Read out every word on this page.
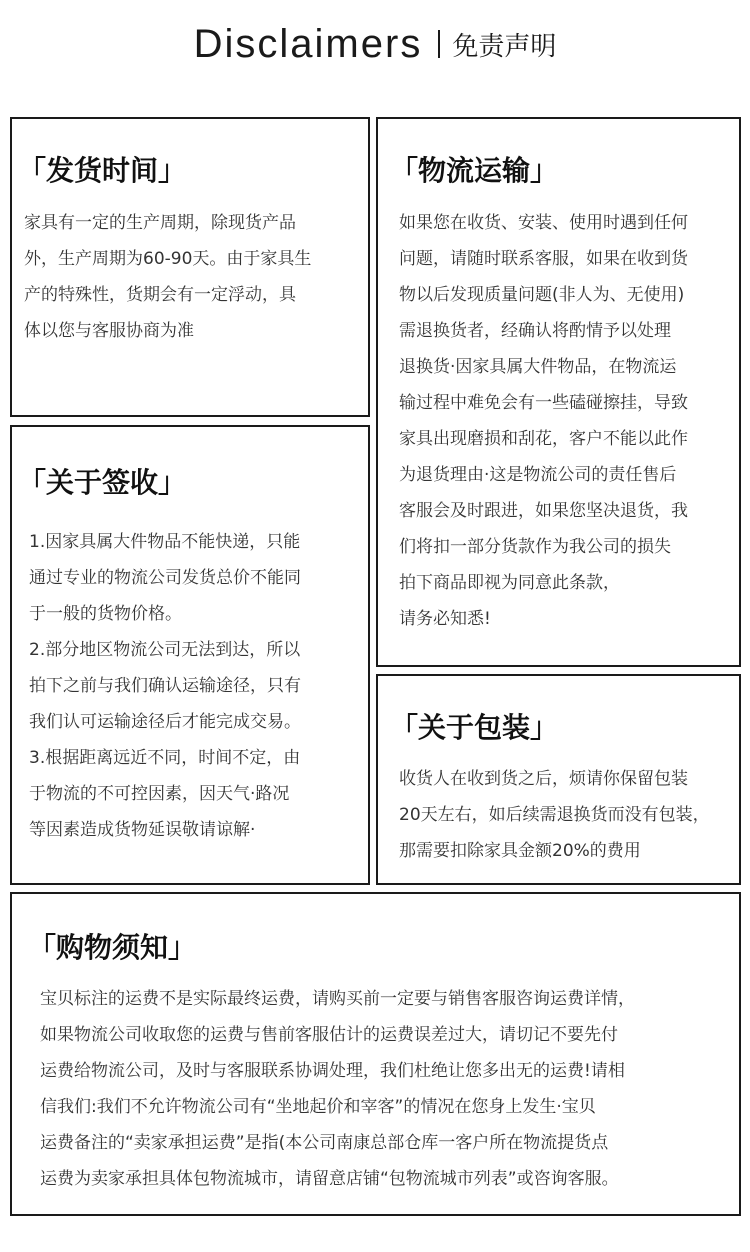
Disclaimers 免责声明
「发货时间」

家具有一定的生产周期，除现货产品
外，生产周期为60-90天。由于家具生
产的特殊性，货期会有一定浮动，具
体以您与客服协商为准

「关于签收」

1.因家具属大件物品不能快递，只能
通过专业的物流公司发货总价不能同
于一般的货物价格。
2.部分地区物流公司无法到达，所以
拍下之前与我们确认运输途径，只有
我们认可运输途径后才能完成交易。
3.根据距离远近不同，时间不定，由
于物流的不可控因素，因天气·路况
等因素造成货物延误敬请谅解·

「物流运输」

如果您在收货、安装、使用时遇到任何
问题，请随时联系客服，如果在收到货
物以后发现质量问题(非人为、无使用)
需退换货者，经确认将酌情予以处理
退换货·因家具属大件物品，在物流运
输过程中难免会有一些磕碰擦挂，导致
家具出现磨损和刮花，客户不能以此作
为退货理由·这是物流公司的责任售后
客服会及时跟进，如果您坚决退货，我
们将扣一部分货款作为我公司的损失
拍下商品即视为同意此条款，
请务必知悉!

「关于包装」

收货人在收到货之后，烦请你保留包装
20天左右，如后续需退换货而没有包装，
那需要扣除家具金额20%的费用

「购物须知」

宝贝标注的运费不是实际最终运费，请购买前一定要与销售客服咨询运费详情，
如果物流公司收取您的运费与售前客服估计的运费误差过大，请切记不要先付
运费给物流公司，及时与客服联系协调处理，我们杜绝让您多出无的运费!请相
信我们:我们不允许物流公司有“坐地起价和宰客”的情况在您身上发生·宝贝
运费备注的“卖家承担运费”是指(本公司南康总部仓库一客户所在物流提货点
运费为卖家承担具体包物流城市，请留意店铺“包物流城市列表”或咨询客服。
